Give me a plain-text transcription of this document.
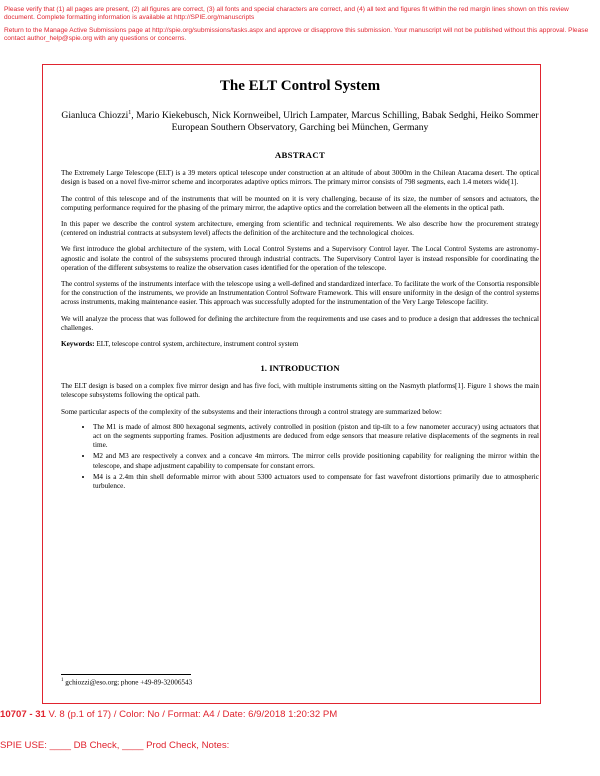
Please verify that (1) all pages are present, (2) all figures are correct, (3) all fonts and special characters are correct, and (4) all text and figures fit within the red margin lines shown on this review document. Complete formatting information is available at http://SPIE.org/manuscripts

Return to the Manage Active Submissions page at http://spie.org/submissions/tasks.aspx and approve or disapprove this submission. Your manuscript will not be published without this approval. Please contact author_help@spie.org with any questions or concerns.

The ELT Control System
Gianluca Chiozzi$^1$, Mario Kiekebusch, Nick Kornweibel, Ulrich Lampater, Marcus Schilling, Babak Sedghi, Heiko Sommer
European Southern Observatory, Garching bei München, Germany
ABSTRACT

The Extremely Large Telescope (ELT) is a 39 meters optical telescope under construction at an altitude of about 3000m in the Chilean Atacama desert. The optical design is based on a novel five-mirror scheme and incorporates adaptive optics mirrors. The primary mirror consists of 798 segments, each 1.4 meters wide[1].

The control of this telescope and of the instruments that will be mounted on it is very challenging, because of its size, the number of sensors and actuators, the computing performance required for the phasing of the primary mirror, the adaptive optics and the correlation between all the elements in the optical path.

In this paper we describe the control system architecture, emerging from scientific and technical requirements. We also describe how the procurement strategy (centered on industrial contracts at subsystem level) affects the definition of the architecture and the technological choices.

We first introduce the global architecture of the system, with Local Control Systems and a Supervisory Control layer. The Local Control Systems are astronomy-agnostic and isolate the control of the subsystems procured through industrial contracts. The Supervisory Control layer is instead responsible for coordinating the operation of the different subsystems to realize the observation cases identified for the operation of the telescope.

The control systems of the instruments interface with the telescope using a well-defined and standardized interface. To facilitate the work of the Consortia responsible for the construction of the instruments, we provide an Instrumentation Control Software Framework. This will ensure uniformity in the design of the control systems across instruments, making maintenance easier. This approach was successfully adopted for the instrumentation of the Very Large Telescope facility.

We will analyze the process that was followed for defining the architecture from the requirements and use cases and to produce a design that addresses the technical challenges.

Keywords: ELT, telescope control system, architecture, instrument control system

1. INTRODUCTION

The ELT design is based on a complex five mirror design and has five foci, with multiple instruments sitting on the Nasmyth platforms[1]. Figure 1 shows the main telescope subsystems following the optical path.

Some particular aspects of the complexity of the subsystems and their interactions through a control strategy are summarized below:

• The M1 is made of almost 800 hexagonal segments, actively controlled in position (piston and tip-tilt to a few nanometer accuracy) using actuators that act on the segments supporting frames. Position adjustments are deduced from edge sensors that measure relative displacements of the segments in real time.
• M2 and M3 are respectively a convex and a concave 4m mirrors. The mirror cells provide positioning capability for realigning the mirror within the telescope, and shape adjustment capability to compensate for constant errors.
• M4 is a 2.4m thin shell deformable mirror with about 5300 actuators used to compensate for fast wavefront distortions primarily due to atmospheric turbulence.
$^1$ gchiozzi@eso.org; phone +49-89-32006543
10707 - 31 V. 8 (p.1 of 17) / Color: No / Format: A4 / Date: 6/9/2018 1:20:32 PM
SPIE USE: ____ DB Check, ____ Prod Check, Notes:
